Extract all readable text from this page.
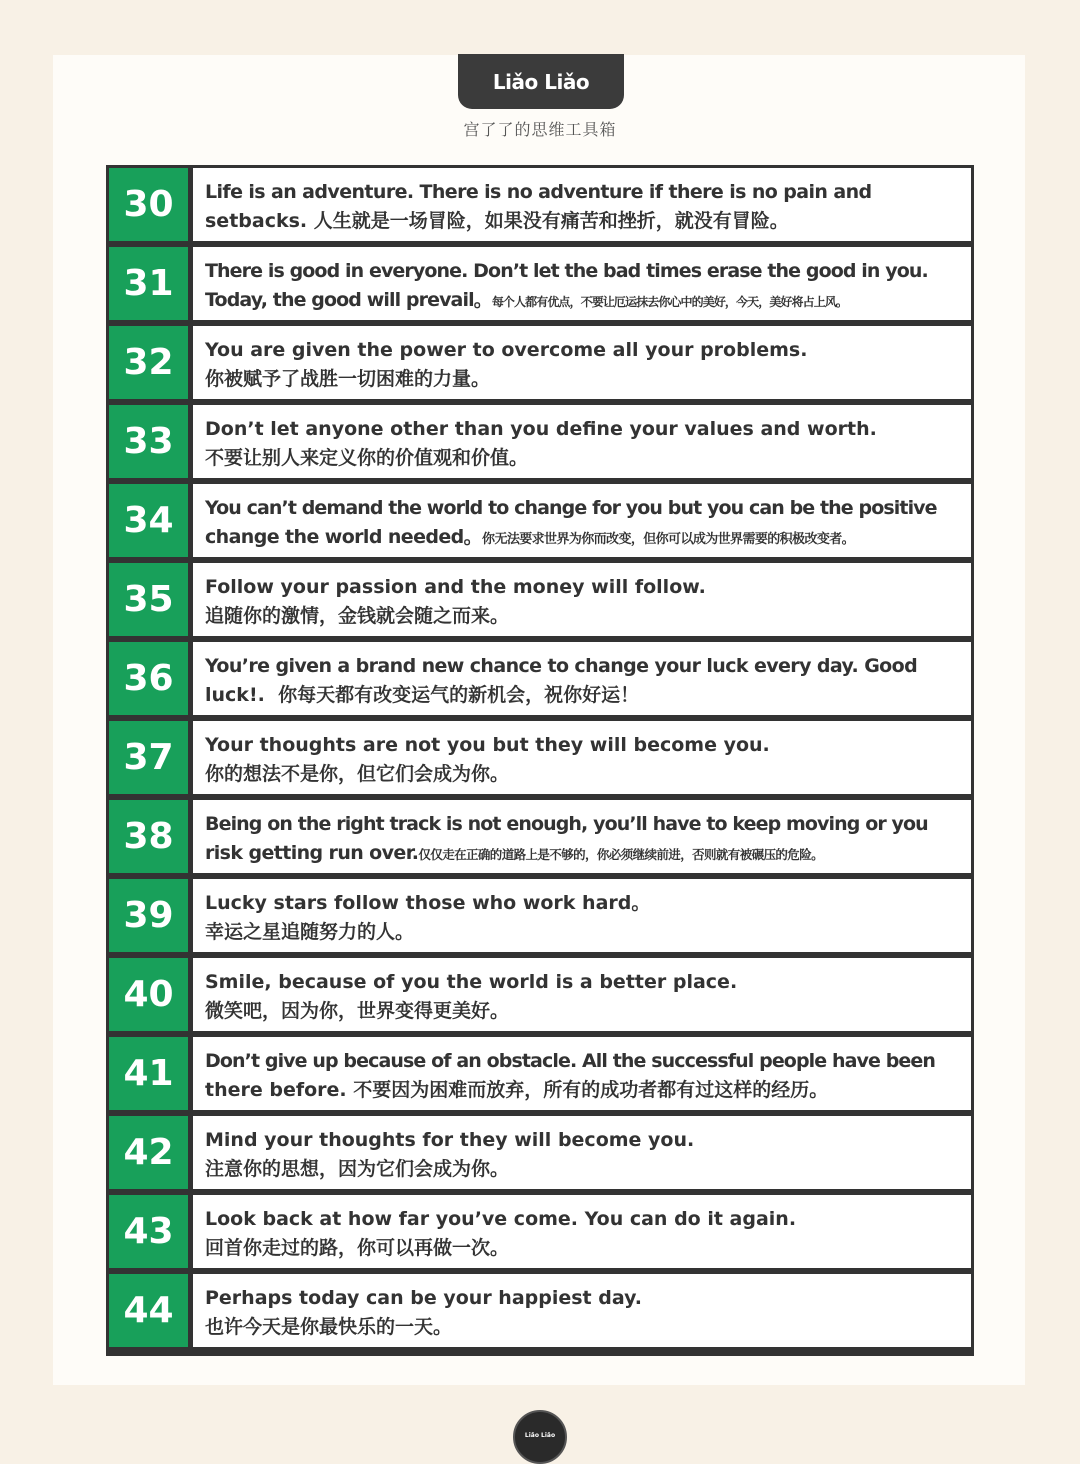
Liǎo Liǎo
宫了了的思维工具箱
30	Life is an adventure. There is no adventure if there is no pain and
setbacks. 人生就是一场冒险，如果没有痛苦和挫折，就没有冒险。
31	There is good in everyone. Don’t let the bad times erase the good in you.
Today, the good will prevail。每个人都有优点，不要让厄运抹去你心中的美好，今天，美好将占上风。
32	You are given the power to overcome all your problems.
你被赋予了战胜一切困难的力量。
33	Don’t let anyone other than you define your values and worth.
不要让别人来定义你的价值观和价值。
34	You can’t demand the world to change for you but you can be the positive
change the world needed。你无法要求世界为你而改变，但你可以成为世界需要的积极改变者。
35	Follow your passion and the money will follow.
追随你的激情，金钱就会随之而来。
36	You’re given a brand new chance to change your luck every day. Good
luck!.  你每天都有改变运气的新机会，祝你好运！
37	Your thoughts are not you but they will become you.
你的想法不是你，但它们会成为你。
38	Being on the right track is not enough, you’ll have to keep moving or you
risk getting run over.仅仅走在正确的道路上是不够的，你必须继续前进，否则就有被碾压的危险。
39	Lucky stars follow those who work hard。
幸运之星追随努力的人。
40	Smile, because of you the world is a better place.
微笑吧，因为你，世界变得更美好。
41	Don’t give up because of an obstacle. All the successful people have been
there before. 不要因为困难而放弃，所有的成功者都有过这样的经历。
42	Mind your thoughts for they will become you.
注意你的思想，因为它们会成为你。
43	Look back at how far you’ve come. You can do it again.
回首你走过的路，你可以再做一次。
44	Perhaps today can be your happiest day.
也许今天是你最快乐的一天。
Liǎo Liǎo
